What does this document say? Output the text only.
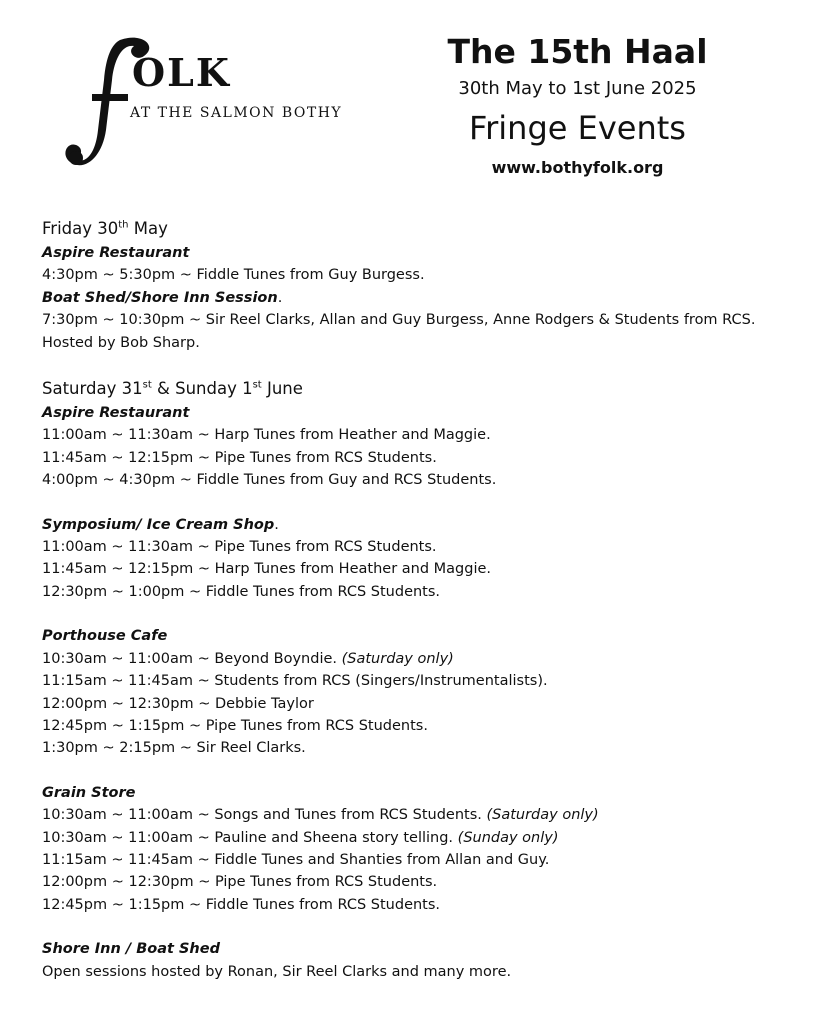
OLK
AT THE SALMON BOTHY
The 15th Haal
30th May to 1st June 2025
Fringe Events
www.bothyfolk.org
Friday 30th May
Aspire Restaurant
4:30pm ~ 5:30pm ~ Fiddle Tunes from Guy Burgess.
Boat Shed/Shore Inn Session.
7:30pm ~ 10:30pm ~ Sir Reel Clarks, Allan and Guy Burgess, Anne Rodgers & Students from RCS.
Hosted by Bob Sharp.
Saturday 31st & Sunday 1st June
Aspire Restaurant
11:00am ~ 11:30am ~ Harp Tunes from Heather and Maggie.
11:45am ~ 12:15pm ~ Pipe Tunes from RCS Students.
4:00pm ~ 4:30pm ~ Fiddle Tunes from Guy and RCS Students.
Symposium/ Ice Cream Shop.
11:00am ~ 11:30am ~ Pipe Tunes from RCS Students.
11:45am ~ 12:15pm ~ Harp Tunes from Heather and Maggie.
12:30pm ~ 1:00pm ~ Fiddle Tunes from RCS Students.
Porthouse Cafe
10:30am ~ 11:00am ~ Beyond Boyndie. (Saturday only)
11:15am ~ 11:45am ~ Students from RCS (Singers/Instrumentalists).
12:00pm ~ 12:30pm ~ Debbie Taylor
12:45pm ~ 1:15pm ~ Pipe Tunes from RCS Students.
1:30pm ~ 2:15pm ~ Sir Reel Clarks.
Grain Store
10:30am ~ 11:00am ~ Songs and Tunes from RCS Students. (Saturday only)
10:30am ~ 11:00am ~ Pauline and Sheena story telling. (Sunday only)
11:15am ~ 11:45am ~ Fiddle Tunes and Shanties from Allan and Guy.
12:00pm ~ 12:30pm ~ Pipe Tunes from RCS Students.
12:45pm ~ 1:15pm ~ Fiddle Tunes from RCS Students.
Shore Inn / Boat Shed
Open sessions hosted by Ronan, Sir Reel Clarks and many more.
